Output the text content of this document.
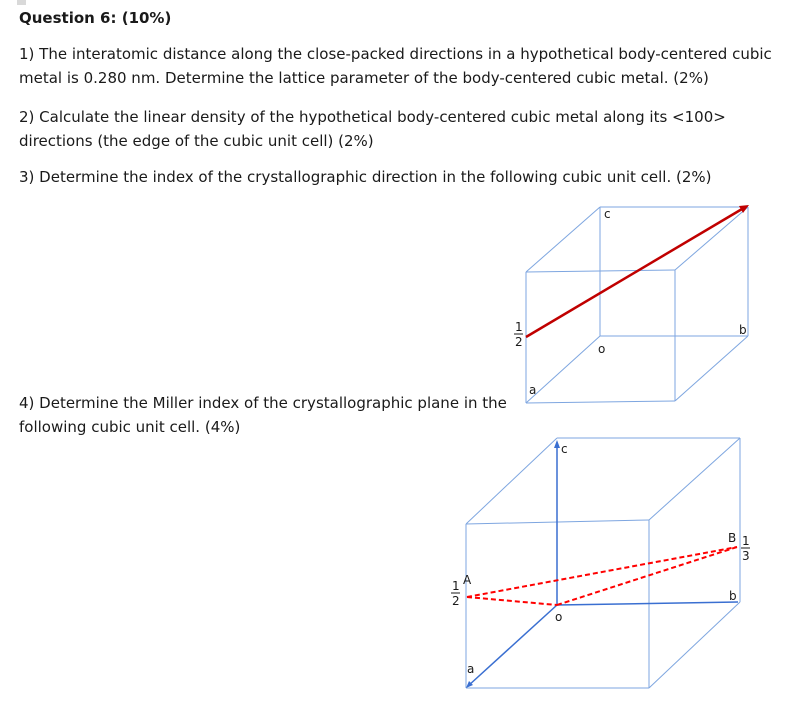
Question 6: (10%)

1) The interatomic distance along the close-packed directions in a hypothetical body-centered cubic metal is 0.280 nm. Determine the lattice parameter of the body-centered cubic metal. (2%)

2) Calculate the linear density of the hypothetical body-centered cubic metal along its <100> directions (the edge of the cubic unit cell) (2%)

3) Determine the index of the crystallographic direction in the following cubic unit cell. (2%)

4) Determine the Miller index of the crystallographic plane in the following cubic unit cell. (4%)

c
b
a
o
1
2
c
b
a
o
A
B
1
2
1
3
